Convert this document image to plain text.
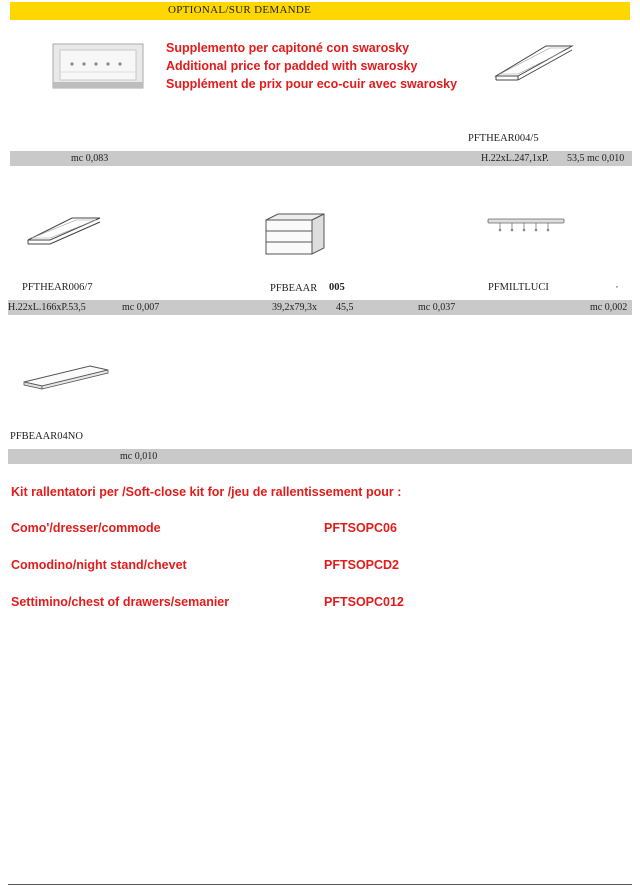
OPTIONAL/SUR DEMANDE
Supplemento per capitoné con swarosky
Additional price for padded with swarosky
Supplément de prix pour eco-cuir avec swarosky
PFTHEAR004/5
mc 0,083	H.22xL.247,1xP. 53,5 mc 0,010
PFTHEAR006/7	PFBEAAR 005	PFMILTLUCI	,
H.22xL.166xP.53,5	mc 0,007	39,2x79,3x 45,5	mc 0,037	mc 0,002
PFBEAAR04NO
mc 0,010
Kit rallentatori per /Soft-close kit for /jeu de rallentissement pour :
Como'/dresser/commode	PFTSOPC06
Comodino/night stand/chevet	PFTSOPCD2
Settimino/chest of drawers/semanier	PFTSOPC012
